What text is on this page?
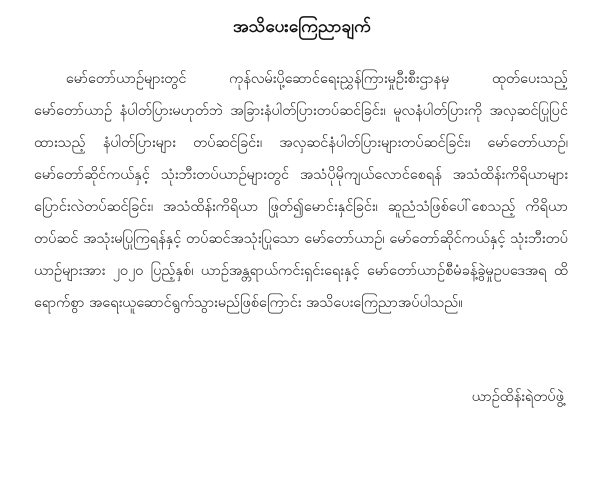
အသိပေးကြေညာချက်

မော်တော်ယာဉ်များတွင် ကုန်လမ်းပို့ဆောင်ရေးညွှန်ကြားမှုဦးစီးဌာနမှ ထုတ်ပေးသည့် မော်တော်ယာဉ် နံပါတ်ပြားမဟုတ်ဘဲ အခြားနံပါတ်ပြားတပ်ဆင်ခြင်း၊ မူလနံပါတ်ပြားကို အလှဆင်ပြုပြင်ထားသည့် နံပါတ်ပြားများ တပ်ဆင်ခြင်း၊ အလှဆင်နံပါတ်ပြားများတပ်ဆင်ခြင်း၊ မော်တော်ယာဉ်၊ မော်တော်ဆိုင်ကယ်နှင့် သုံးဘီးတပ်ယာဉ်များတွင် အသံပိုမိုကျယ်လောင်စေရန် အသံထိန်းကိရိယာများ ပြောင်းလဲတပ်ဆင်ခြင်း၊ အသံထိန်းကိရိယာ ဖြုတ်၍မောင်းနှင်ခြင်း၊ ဆူညံသံဖြစ်ပေါ်စေသည့် ကိရိယာတပ်ဆင် အသုံးမပြုကြရန်နှင့် တပ်ဆင်အသုံးပြုသော မော်တော်ယာဉ်၊ မော်တော်ဆိုင်ကယ်နှင့် သုံးဘီးတပ်ယာဉ်များအား ၂၀၂၀ ပြည့်နှစ်၊ ယာဉ်အန္တရာယ်ကင်းရှင်းရေးနှင့် မော်တော်ယာဉ်စီမံခန့်ခွဲမှုဥပဒေအရ ထိရောက်စွာ အရေးယူဆောင်ရွက်သွားမည်ဖြစ်ကြောင်း အသိပေးကြေညာအပ်ပါသည်။

ယာဉ်ထိန်းရဲတပ်ဖွဲ့
